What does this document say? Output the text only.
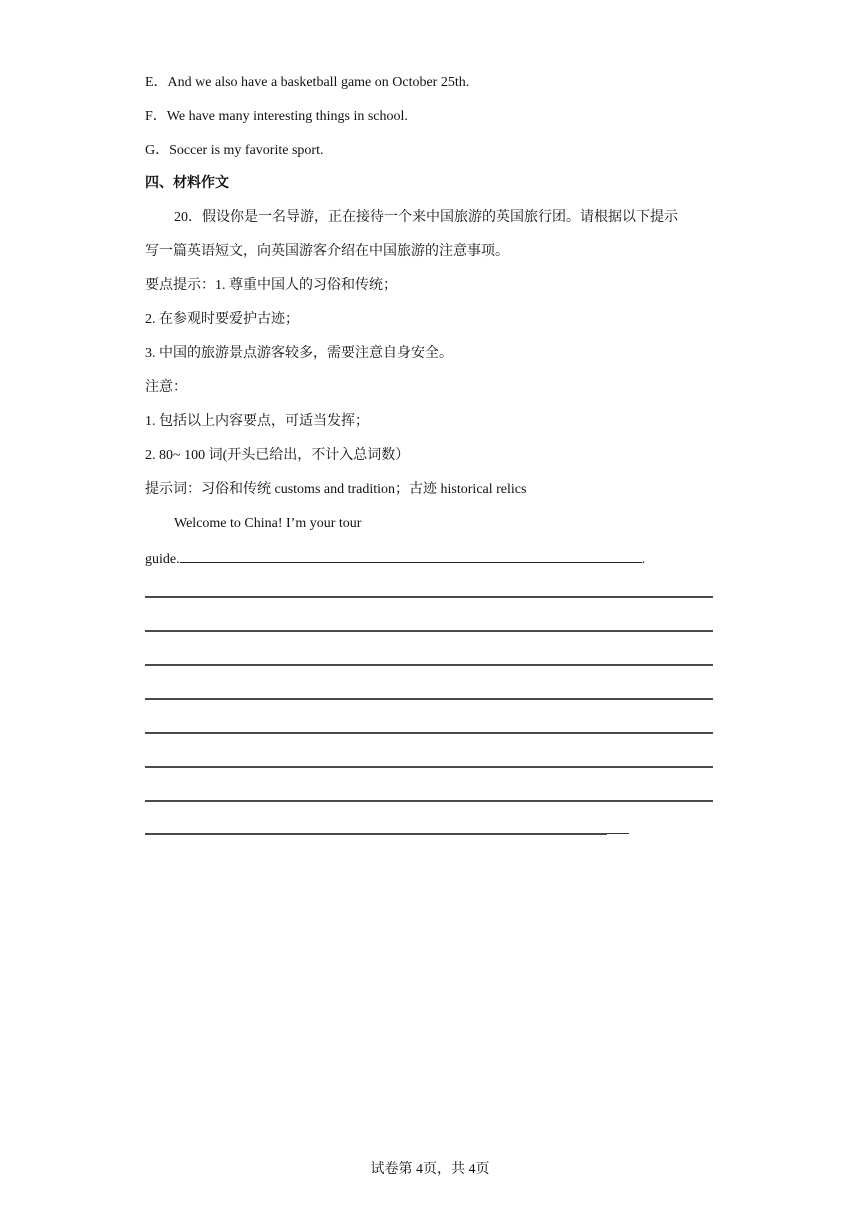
E．And we also have a basketball game on October 25th.
F．We have many interesting things in school.
G．Soccer is my favorite sport.
四、材料作文
20．假设你是一名导游，正在接待一个来中国旅游的英国旅行团。请根据以下提示
写一篇英语短文，向英国游客介绍在中国旅游的注意事项。
要点提示：1. 尊重中国人的习俗和传统；
2. 在参观时要爱护古迹；
3. 中国的旅游景点游客较多，需要注意自身安全。
注意：
1. 包括以上内容要点，可适当发挥；
2. 80~ 100 词(开头已给出，不计入总词数）
提示词：习俗和传统 customs and tradition；古迹 historical relics
Welcome to China! I’m your tour
guide.	.
试卷第 4页，共 4页
